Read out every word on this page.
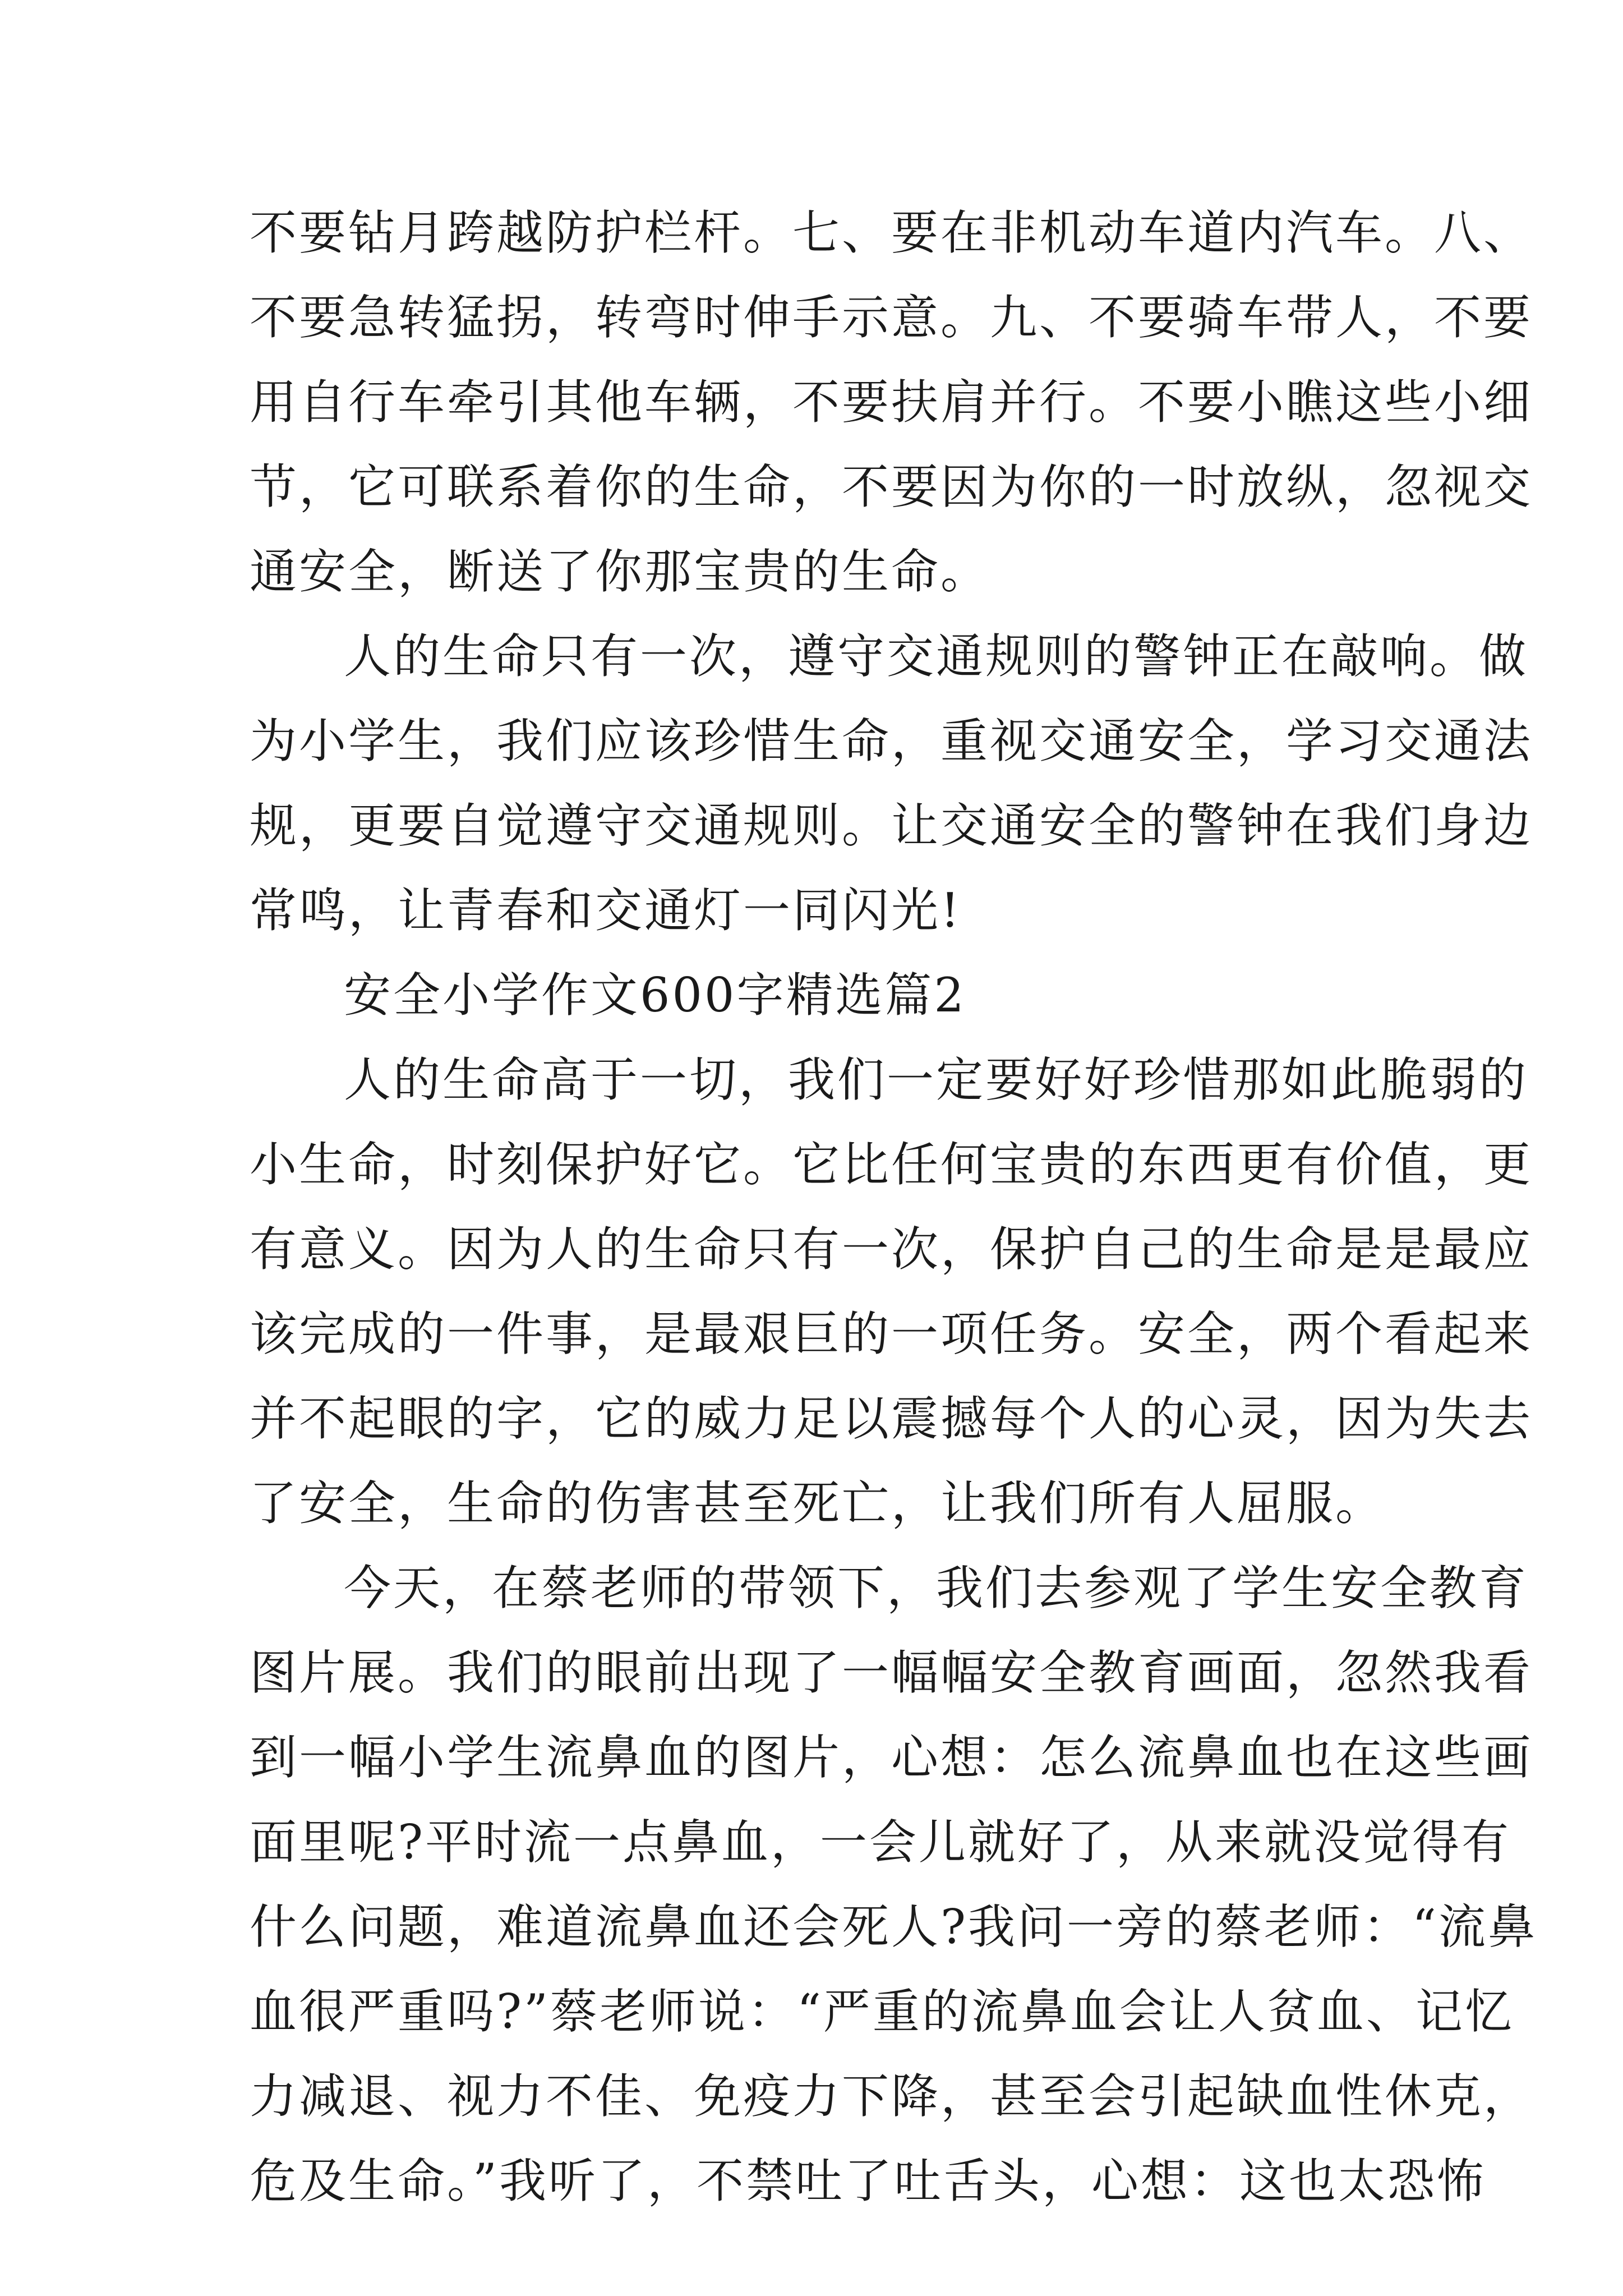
不要钻月跨越防护栏杆。七、要在非机动车道内汽车。八、
不要急转猛拐，转弯时伸手示意。九、不要骑车带人，不要
用自行车牵引其他车辆，不要扶肩并行。不要小瞧这些小细
节，它可联系着你的生命，不要因为你的一时放纵，忽视交
通安全，断送了你那宝贵的生命。
人的生命只有一次，遵守交通规则的警钟正在敲响。做
为小学生，我们应该珍惜生命，重视交通安全，学习交通法
规，更要自觉遵守交通规则。让交通安全的警钟在我们身边
常鸣，让青春和交通灯一同闪光!
安全小学作文600字精选篇2
人的生命高于一切，我们一定要好好珍惜那如此脆弱的
小生命，时刻保护好它。它比任何宝贵的东西更有价值，更
有意义。因为人的生命只有一次，保护自己的生命是是最应
该完成的一件事，是最艰巨的一项任务。安全，两个看起来
并不起眼的字，它的威力足以震撼每个人的心灵，因为失去
了安全，生命的伤害甚至死亡，让我们所有人屈服。
今天，在蔡老师的带领下，我们去参观了学生安全教育
图片展。我们的眼前出现了一幅幅安全教育画面，忽然我看
到一幅小学生流鼻血的图片，心想：怎么流鼻血也在这些画
面里呢?平时流一点鼻血，一会儿就好了，从来就没觉得有
什么问题，难道流鼻血还会死人?我问一旁的蔡老师：“流鼻
血很严重吗?”蔡老师说：“严重的流鼻血会让人贫血、记忆
力减退、视力不佳、免疫力下降，甚至会引起缺血性休克，
危及生命。”我听了，不禁吐了吐舌头，心想：这也太恐怖
